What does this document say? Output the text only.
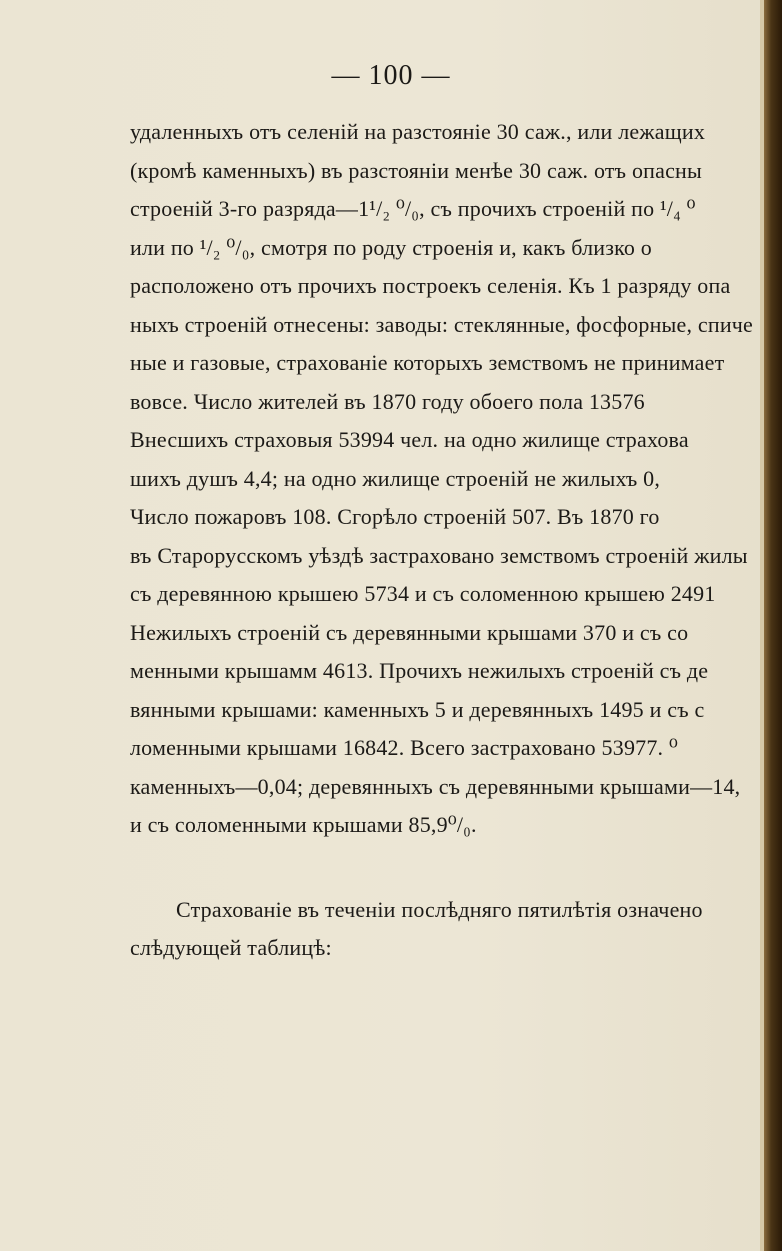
— 100 —
удаленныхъ отъ селеній на разстояніе 30 саж., или лежащих
(кромѣ каменныхъ) въ разстояніи менѣе 30 саж. отъ опасны
строеній 3-го разряда—1¹/₂ ⁰/₀, съ прочихъ строеній по ¹/₄ ⁰
или по ¹/₂ ⁰/₀, смотря по роду строенія и, какъ близко о
расположено отъ прочихъ построекъ селенія. Къ 1 разряду опа
ныхъ строеній отнесены: заводы: стеклянные, фосфорные, спиче
ные и газовые, страхованіе которыхъ земствомъ не принимает
вовсе. Число жителей въ 1870 году обоего пола 13576
Внесшихъ страховыя 53994 чел. на одно жилище страхова
шихъ душъ 4,4; на одно жилище строеній не жилыхъ 0,
Число пожаровъ 108. Сгорѣло строеній 507. Въ 1870 го
въ Старорусскомъ уѣздѣ застраховано земствомъ строеній жилы
съ деревянною крышею 5734 и съ соломенною крышею 2491
Нежилыхъ строеній съ деревянными крышами 370 и съ со
менными крышамм 4613. Прочихъ нежилыхъ строеній съ де
вянными крышами: каменныхъ 5 и деревянныхъ 1495 и съ с
ломенными крышами 16842. Всего застраховано 53977. ⁰
каменныхъ—0,04; деревянныхъ съ деревянными крышами—14,
и съ соломенными крышами 85,9⁰/₀.
Страхованіе въ теченіи послѣдняго пятилѣтія означено
слѣдующей таблицѣ:
